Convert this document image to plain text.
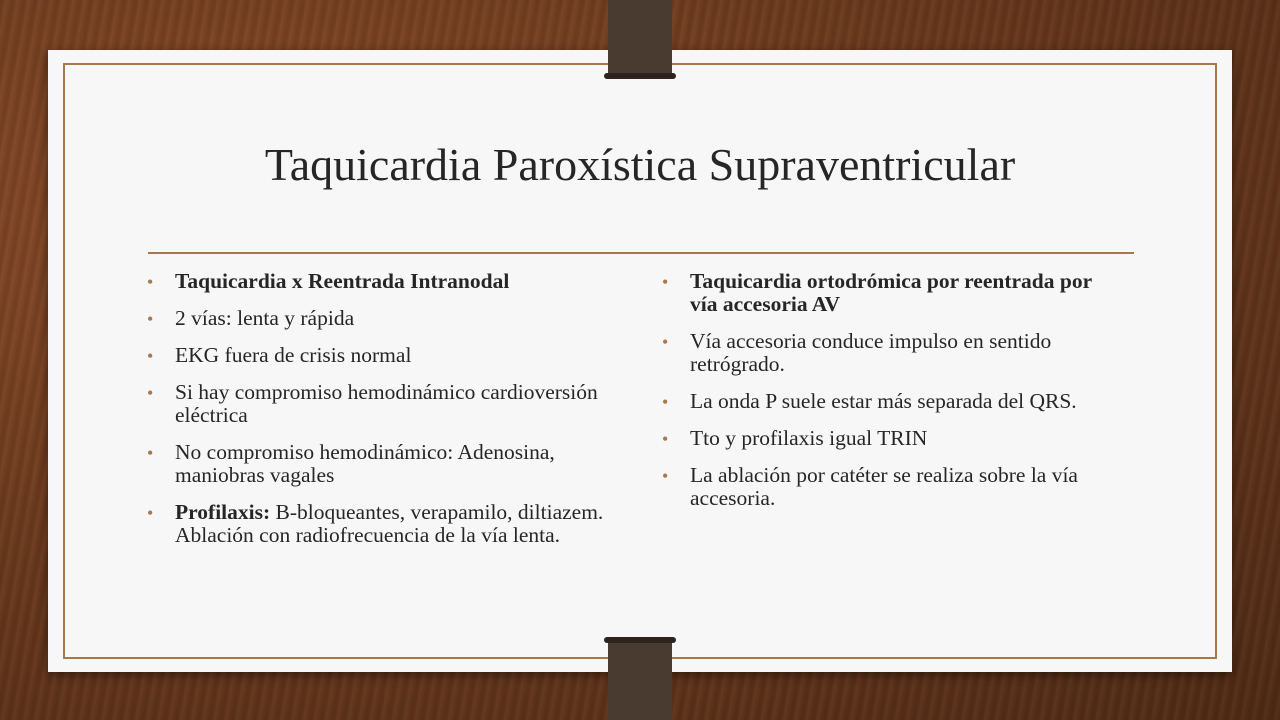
Taquicardia Paroxística Supraventricular
• Taquicardia x Reentrada Intranodal
• 2 vías: lenta y rápida
• EKG fuera de crisis normal
• Si hay compromiso hemodinámico cardioversión eléctrica
• No compromiso hemodinámico: Adenosina, maniobras vagales
• Profilaxis: B-bloqueantes, verapamilo, diltiazem. Ablación con radiofrecuencia de la vía lenta.
• Taquicardia ortodrómica por reentrada por vía accesoria AV
• Vía accesoria conduce impulso en sentido retrógrado.
• La onda P suele estar más separada del QRS.
• Tto y profilaxis igual TRIN
• La ablación por catéter se realiza sobre la vía accesoria.
